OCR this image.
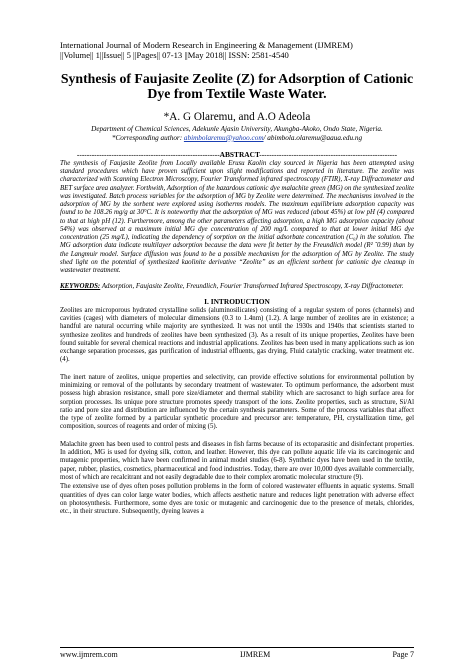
International Journal of Modern Research in Engineering & Management (IJMREM)
||Volume|| 1||Issue|| 5 ||Pages|| 07-13 ||May 2018|| ISSN: 2581-4540
Synthesis of Faujasite Zeolite (Z) for Adsorption of Cationic Dye from Textile Waste Water.
*A. G Olaremu, and A.O Adeola
Department of Chemical Sciences, Adekunle Ajasin University, Akungba-Akoko, Ondo State, Nigeria.
*Corresponding author: abimbolaremu@yahoo.com/ abimbola.olaremu@aaua.edu.ng
----------------------------------------------------------ABSTRACT--------------------------------------------------------
The synthesis of Faujasite Zeolite from Locally available Erusu Kaolin clay sourced in Nigeria has been attempted using standard procedures which have proven sufficient upon slight modifications and reported in literature. The zeolite was characterized with Scanning Electron Microscopy, Fourier Transformed infrared spectroscopy (FTIR), X-ray Diffractometer and BET surface area analyzer. Forthwith, Adsorption of the hazardous cationic dye malachite green (MG) on the synthesized zeolite was investigated. Batch process variables for the adsorption of MG by Zeolite were determined. The mechanisms involved in the adsorption of MG by the sorbent were explored using isotherms models. The maximum equilibrium adsorption capacity was found to be 108.26 mg/g at 30°C. It is noteworthy that the adsorption of MG was reduced (about 45%) at low pH (4) compared to that at high pH (12). Furthermore, among the other parameters affecting adsorption, a high MG adsorption capacity (about 54%) was observed at a maximum initial MG dye concentration of 200 mg/L compared to that at lower initial MG dye concentration (25 mg/L), indicating the dependency of sorption on the initial adsorbate concentration (C₀) in the solution. The MG adsorption data indicate multilayer adsorption because the data were fit better by the Freundlich model (R² ˜0.99) than by the Langmuir model. Surface diffusion was found to be a possible mechanism for the adsorption of MG by Zeolite. The study shed light on the potential of synthesized kaolinite derivative “Zeolite” as an efficient sorbent for cationic dye cleanup in wastewater treatment.
KEYWORDS: Adsorption, Faujasite Zeolite, Freundlich, Fourier Transformed Infrared Spectroscopy, X-ray Diffractometer.
I. INTRODUCTION
Zeolites are microporous hydrated crystalline solids (aluminosilicates) consisting of a regular system of pores (channels) and cavities (cages) with diameters of molecular dimensions (0.3 to 1.4nm) (1.2). A large number of zeolites are in existence; a handful are natural occurring while majority are synthesized. It was not until the 1930s and 1940s that scientists started to synthesize zeolites and hundreds of zeolites have been synthesized (3). As a result of its unique properties, Zeolites have been found suitable for several chemical reactions and industrial applications. Zeolites has been used in many applications such as ion exchange separation processes, gas purification of industrial effluents, gas drying, Fluid catalytic cracking, water treatment etc. (4).
The inert nature of zeolites, unique properties and selectivity, can provide effective solutions for environmental pollution by minimizing or removal of the pollutants by secondary treatment of wastewater. To optimum performance, the adsorbent must possess high abrasion resistance, small pore size/diameter and thermal stability which are sacrosanct to high surface area for sorption processes. Its unique pore structure promotes speedy transport of the ions. Zeolite properties, such as structure, Si/Al ratio and pore size and distribution are influenced by the certain synthesis parameters. Some of the process variables that affect the type of zeolite formed by a particular synthetic procedure and precursor are: temperature, PH, crystallization time, gel composition, sources of reagents and order of mixing (5).
Malachite green has been used to control pests and diseases in fish farms because of its ectoparasitic and disinfectant properties. In addition, MG is used for dyeing silk, cotton, and leather. However, this dye can pollute aquatic life via its carcinogenic and mutagenic properties, which have been confirmed in animal model studies (6-8). Synthetic dyes have been used in the textile, paper, rubber, plastics, cosmetics, pharmaceutical and food industries. Today, there are over 10,000 dyes available commercially, most of which are recalcitrant and not easily degradable due to their complex aromatic molecular structure (9).
The extensive use of dyes often poses pollution problems in the form of colored wastewater effluents in aquatic systems. Small quantities of dyes can color large water bodies, which affects aesthetic nature and reduces light penetration with adverse effect on photosynthesis. Furthermore, some dyes are toxic or mutagenic and carcinogenic due to the presence of metals, chlorides, etc., in their structure. Subsequently, dyeing leaves a
www.ijmrem.com	IJMREM	Page 7
